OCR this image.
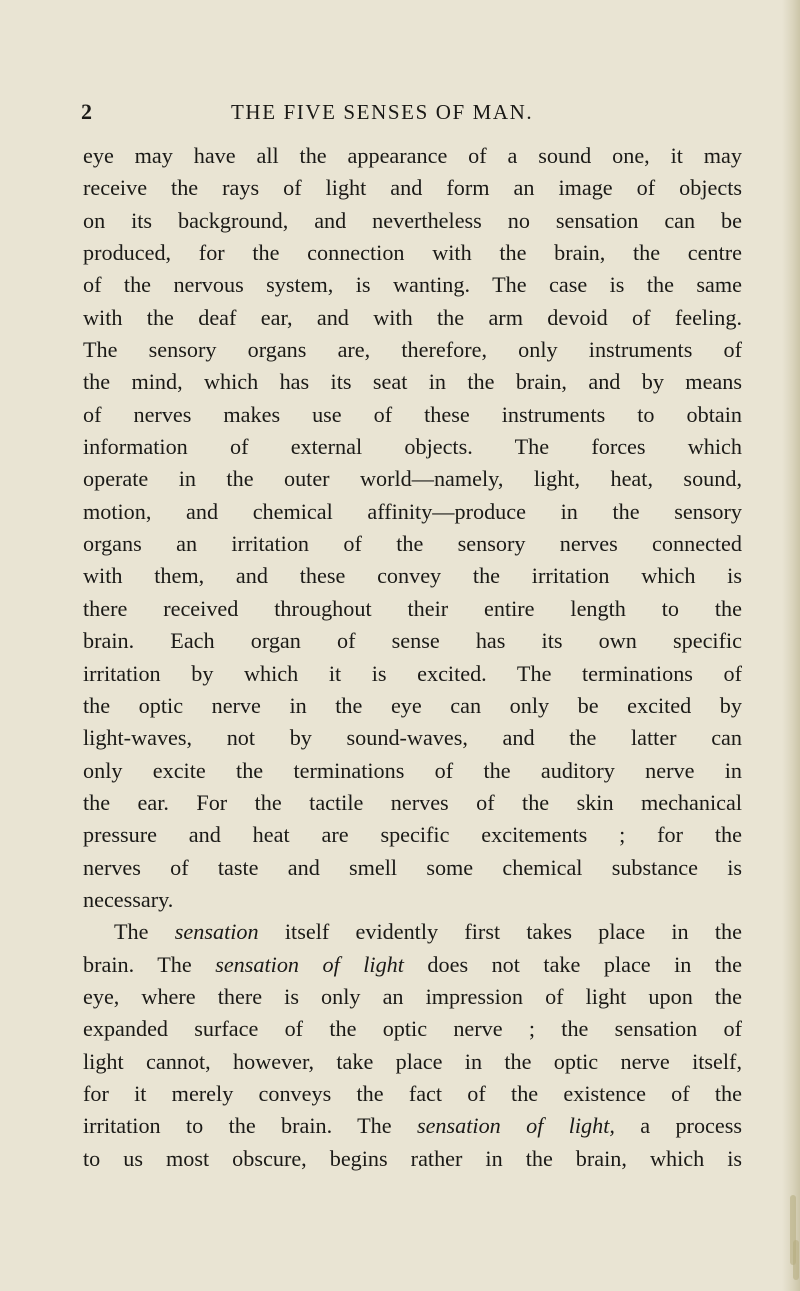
2	THE FIVE SENSES OF MAN.
eye may have all the appearance of a sound one, it may
receive the rays of light and form an image of objects
on its background, and nevertheless no sensation can be
produced, for the connection with the brain, the centre
of the nervous system, is wanting. The case is the same
with the deaf ear, and with the arm devoid of feeling.
The sensory organs are, therefore, only instruments of
the mind, which has its seat in the brain, and by means
of nerves makes use of these instruments to obtain
information of external objects. The forces which
operate in the outer world—namely, light, heat, sound,
motion, and chemical affinity—produce in the sensory
organs an irritation of the sensory nerves connected
with them, and these convey the irritation which is
there received throughout their entire length to the
brain. Each organ of sense has its own specific
irritation by which it is excited. The terminations of
the optic nerve in the eye can only be excited by
light-waves, not by sound-waves, and the latter can
only excite the terminations of the auditory nerve in
the ear. For the tactile nerves of the skin mechanical
pressure and heat are specific excitements ; for the
nerves of taste and smell some chemical substance is
necessary.
The sensation itself evidently first takes place in the
brain. The sensation of light does not take place in the
eye, where there is only an impression of light upon the
expanded surface of the optic nerve ; the sensation of
light cannot, however, take place in the optic nerve itself,
for it merely conveys the fact of the existence of the
irritation to the brain. The sensation of light, a process
to us most obscure, begins rather in the brain, which is
